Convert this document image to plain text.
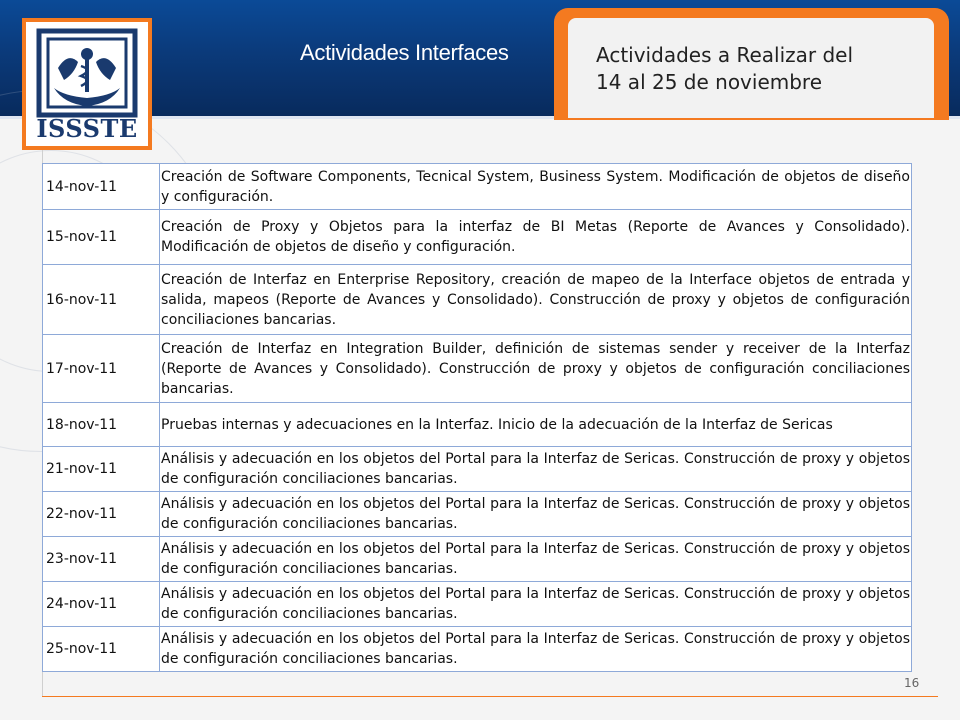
ISSSTE
Actividades Interfaces	Actividades a Realizar del
14 al 25 de noviembre
14-nov-11	Creación de Software Components, Tecnical System, Business System. Modificación de objetos de diseño y configuración.
15-nov-11	Creación de Proxy y Objetos para la interfaz de BI Metas (Reporte de Avances y Consolidado). Modificación de objetos de diseño y configuración.
16-nov-11	Creación de Interfaz en Enterprise Repository, creación de mapeo de la Interface objetos de entrada y salida, mapeos (Reporte de Avances y Consolidado). Construcción de proxy y objetos de configuración conciliaciones bancarias.
17-nov-11	Creación de Interfaz en Integration Builder, definición de sistemas sender y receiver de la Interfaz (Reporte de Avances y Consolidado). Construcción de proxy y objetos de configuración conciliaciones bancarias.
18-nov-11	Pruebas internas y adecuaciones en la Interfaz. Inicio de la adecuación de la Interfaz de Sericas
21-nov-11	Análisis y adecuación en los objetos del Portal para la Interfaz de Sericas. Construcción de proxy y objetos de configuración conciliaciones bancarias.
22-nov-11	Análisis y adecuación en los objetos del Portal para la Interfaz de Sericas. Construcción de proxy y objetos de configuración conciliaciones bancarias.
23-nov-11	Análisis y adecuación en los objetos del Portal para la Interfaz de Sericas. Construcción de proxy y objetos de configuración conciliaciones bancarias.
24-nov-11	Análisis y adecuación en los objetos del Portal para la Interfaz de Sericas. Construcción de proxy y objetos de configuración conciliaciones bancarias.
25-nov-11	Análisis y adecuación en los objetos del Portal para la Interfaz de Sericas. Construcción de proxy y objetos de configuración conciliaciones bancarias.
16
